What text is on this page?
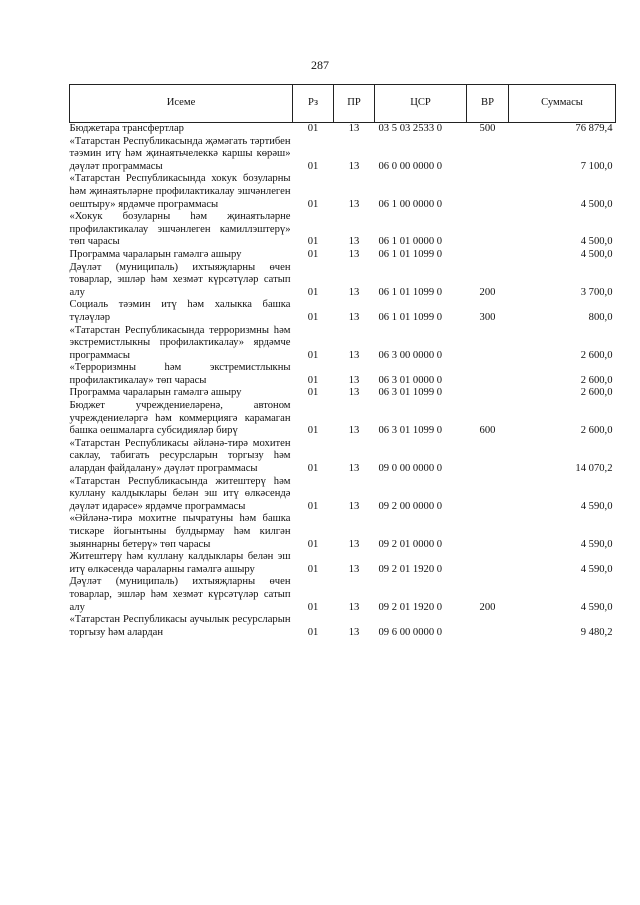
287
Исеме	Рз	ПР	ЦСР	ВР	Суммасы
Бюджетара трансфертлар	01	13	03 5 03 2533 0	500	76 879,4
«Татарстан Республикасында җәмәгать тәртибен тәэмин итү һәм җинаятьчелеккә каршы көрәш» дәүләт программасы	01	13	06 0 00 0000 0		7 100,0
«Татарстан Республикасында хокук бозуларны һәм җинаятьләрне профилактикалау эшчәнлеген оештыру» ярдәмче программасы	01	13	06 1 00 0000 0		4 500,0
«Хокук бозуларны һәм җинаятьләрне профилактикалау эшчәнлеген камиллэштерү» төп чарасы	01	13	06 1 01 0000 0		4 500,0
Программа чараларын гамәлгә ашыру	01	13	06 1 01 1099 0		4 500,0
Дәүләт (муниципаль) ихтыяҗларны өчен товарлар, эшләр һәм хезмәт күрсәтүләр сатып алу	01	13	06 1 01 1099 0	200	3 700,0
Социаль тәэмин итү һәм халыкка башка түләүләр	01	13	06 1 01 1099 0	300	800,0
«Татарстан Республикасында терроризмны һәм экстремистлыкны профилактикалау» ярдәмче программасы	01	13	06 3 00 0000 0		2 600,0
«Терроризмны һәм экстремистлыкны профилактикалау» төп чарасы	01	13	06 3 01 0000 0		2 600,0
Программа чараларын гамәлгә ашыру	01	13	06 3 01 1099 0		2 600,0
Бюджет учреждениеләренә, автоном учреждениеләргә һәм коммерциягә карамаган башка оешмаларга субсидияләр бирү	01	13	06 3 01 1099 0	600	2 600,0
«Татарстан Республикасы әйләнә-тирә мохитен саклау, табигать ресурсларын торгызу һәм алардан файдалану» дәүләт программасы	01	13	09 0 00 0000 0		14 070,2
«Татарстан Республикасында житештерү һәм куллану калдыклары белән эш итү өлкәсендә дәүләт идарәсе» ярдәмче программасы	01	13	09 2 00 0000 0		4 590,0
«Әйләнә-тирә мохитне пычратуны һәм башка тискәре йогынтыны булдырмау һәм килгән зыяннарны бетерү» төп чарасы	01	13	09 2 01 0000 0		4 590,0
Житештерү һәм куллану калдыклары белән эш итү өлкәсендә чараларны гамәлгә ашыру	01	13	09 2 01 1920 0		4 590,0
Дәүләт (муниципаль) ихтыяҗларны өчен товарлар, эшләр һәм хезмәт күрсәтүләр сатып алу	01	13	09 2 01 1920 0	200	4 590,0
«Татарстан Республикасы аучылык ресурсларын торгызу һәм алардан	01	13	09 6 00 0000 0		9 480,2
